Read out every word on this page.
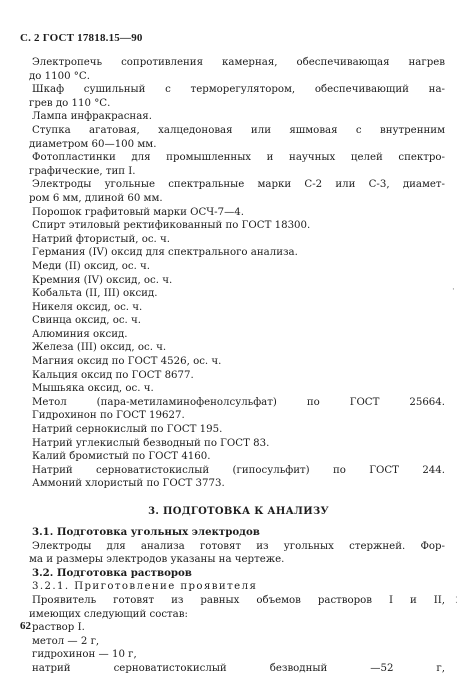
С. 2 ГОСТ 17818.15—90
Электропечь сопротивления камерная, обеспечивающая нагрев
до 1100 °С.
Шкаф сушильный с терморегулятором, обеспечивающий на-
грев до 110 °С.
Лампа инфракрасная.
Ступка агатовая, халцедоновая или яшмовая с внутренним
диаметром 60—100 мм.
Фотопластинки для промышленных и научных целей спектро-
графические, тип I.
Электроды угольные спектральные марки С-2 или С-3, диамет-
ром 6 мм, длиной 60 мм.
Порошок графитовый марки ОСЧ-7—4.
Спирт этиловый ректификованный по ГОСТ 18300.
Натрий фтористый, ос. ч.
Германия (IV) оксид для спектрального анализа.
Меди (II) оксид, ос. ч.
Кремния (IV) оксид, ос. ч.
Кобальта (II, III) оксид.
Никеля оксид, ос. ч.
Свинца оксид, ос. ч.
Алюминия оксид.
Железа (III) оксид, ос. ч.
Магния оксид по ГОСТ 4526, ос. ч.
Кальция оксид по ГОСТ 8677.
Мышьяка оксид, ос. ч.
Метол (пара-метиламинофенолсульфат) по ГОСТ 25664.
Гидрохинон по ГОСТ 19627.
Натрий сернокислый по ГОСТ 195.
Натрий углекислый безводный по ГОСТ 83.
Калий бромистый по ГОСТ 4160.
Натрий серноватистокислый (гипосульфит) по ГОСТ 244.
Аммоний хлористый по ГОСТ 3773.
3. ПОДГОТОВКА К АНАЛИЗУ
3.1. Подготовка угольных электродов
Электроды для анализа готовят из угольных стержней. Фор-
ма и размеры электродов указаны на чертеже.
3.2. Подготовка растворов
3.2.1. Приготовление проявителя
Проявитель готовят из равных объемов растворов I и II,
имеющих следующий состав:
раствор I.
метол — 2 г,
гидрохинон — 10 г,
натрий серноватистокислый безводный —52 г,
·
⁚
62
